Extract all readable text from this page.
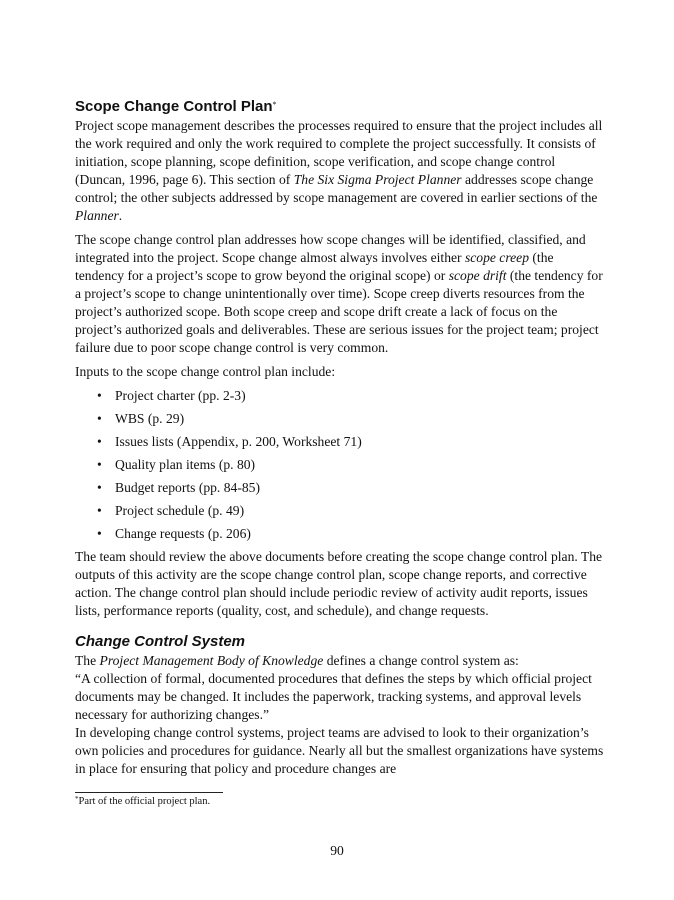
Scope Change Control Plan*

Project scope management describes the processes required to ensure that the project includes all the work required and only the work required to complete the project successfully. It consists of initiation, scope planning, scope definition, scope verification, and scope change control (Duncan, 1996, page 6). This section of The Six Sigma Project Planner addresses scope change control; the other subjects addressed by scope management are covered in earlier sections of the Planner.

The scope change control plan addresses how scope changes will be identified, classified, and integrated into the project. Scope change almost always involves either scope creep (the tendency for a project’s scope to grow beyond the original scope) or scope drift (the tendency for a project’s scope to change unintentionally over time). Scope creep diverts resources from the project’s authorized scope. Both scope creep and scope drift create a lack of focus on the project’s authorized goals and deliverables. These are serious issues for the project team; project failure due to poor scope change control is very common.

Inputs to the scope change control plan include:

• Project charter (pp. 2-3)
• WBS (p. 29)
• Issues lists (Appendix, p. 200, Worksheet 71)
• Quality plan items (p. 80)
• Budget reports (pp. 84-85)
• Project schedule (p. 49)
• Change requests (p. 206)

The team should review the above documents before creating the scope change control plan. The outputs of this activity are the scope change control plan, scope change reports, and corrective action. The change control plan should include periodic review of activity audit reports, issues lists, performance reports (quality, cost, and schedule), and change requests.

Change Control System

The Project Management Body of Knowledge defines a change control system as:

“A collection of formal, documented procedures that defines the steps by which official project documents may be changed. It includes the paperwork, tracking systems, and approval levels necessary for authorizing changes.”

In developing change control systems, project teams are advised to look to their organization’s own policies and procedures for guidance. Nearly all but the smallest organizations have systems in place for ensuring that policy and procedure changes are

*Part of the official project plan.
90
